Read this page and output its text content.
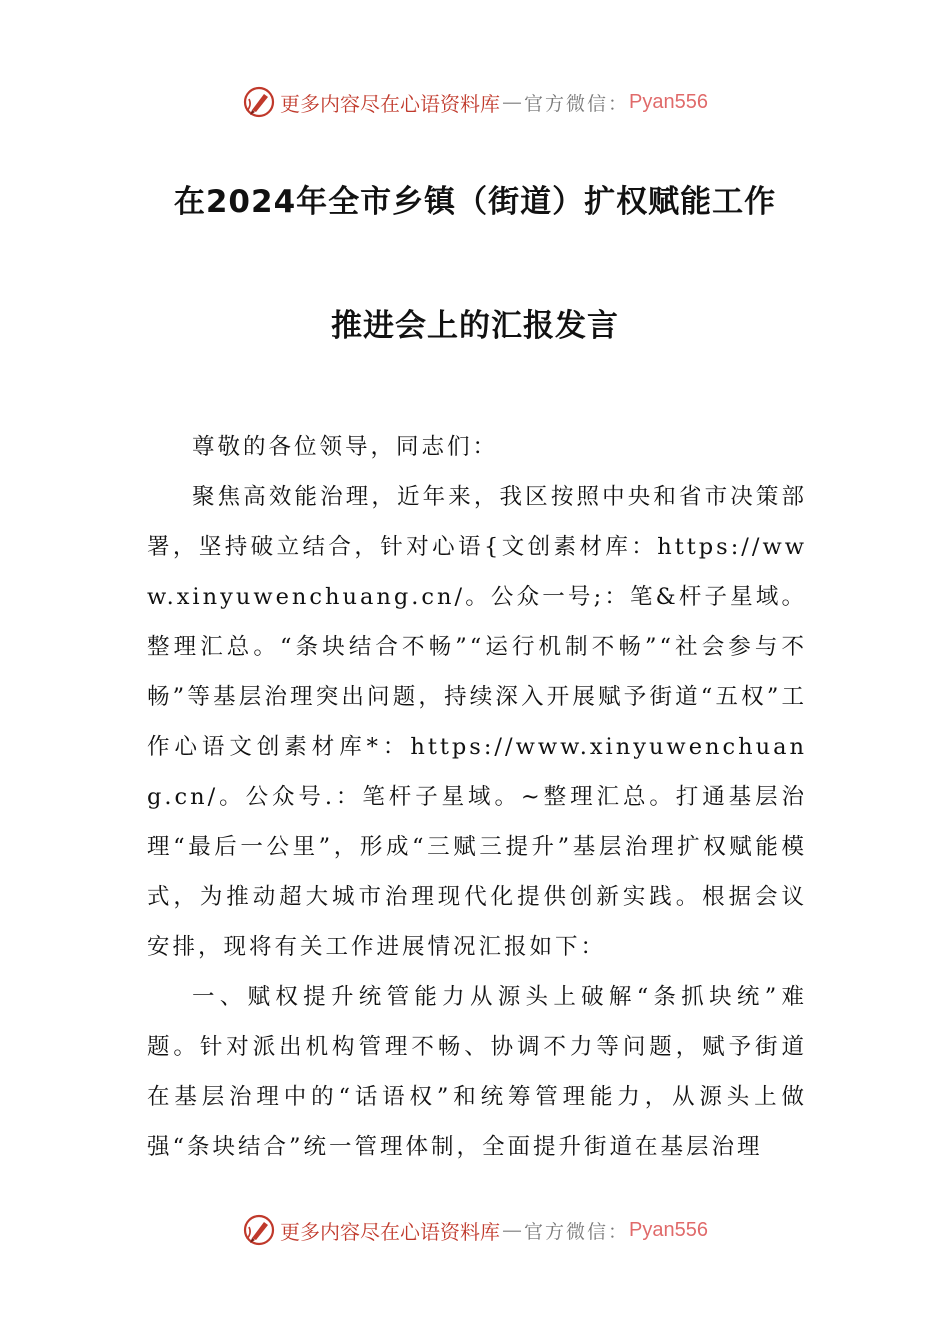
更多内容尽在心语资料库 — 官方微信： Pyan556
在2024年全市乡镇（街道）扩权赋能工作
推进会上的汇报发言

尊敬的各位领导，同志们：

聚焦高效能治理，近年来，我区按照中央和省市决策部署，坚持破立结合，针对心语{文创素材库：https://www.xinyuwenchuang.cn/。公众一号;：笔&杆子星域。整理汇总。“条块结合不畅”“运行机制不畅”“社会参与不畅”等基层治理突出问题，持续深入开展赋予街道“五权”工作心语文创素材库*：https://www.xinyuwenchuang.cn/。公众号.：笔杆子星域。~整理汇总。打通基层治理“最后一公里”，形成“三赋三提升”基层治理扩权赋能模式，为推动超大城市治理现代化提供创新实践。根据会议安排，现将有关工作进展情况汇报如下：

一、赋权提升统管能力从源头上破解“条抓块统”难题。针对派出机构管理不畅、协调不力等问题，赋予街道在基层治理中的“话语权”和统筹管理能力，从源头上做强“条块结合”统一管理体制，全面提升街道在基层治理

更多内容尽在心语资料库 — 官方微信： Pyan556
